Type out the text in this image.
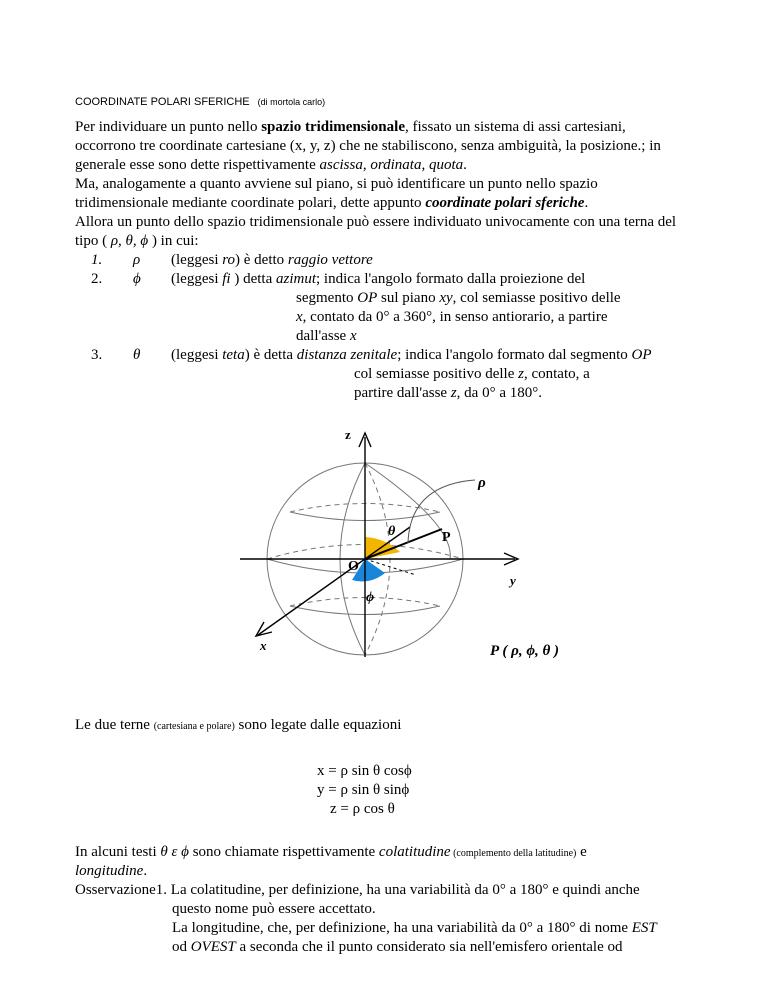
COORDINATE POLARI SFERICHE (di mortola carlo)
Per individuare un punto nello spazio tridimensionale, fissato un sistema di assi cartesiani,
occorrono tre coordinate cartesiane (x, y, z) che ne stabiliscono, senza ambiguità, la posizione.; in
generale esse sono dette rispettivamente ascissa, ordinata, quota.
Ma, analogamente a quanto avviene sul piano, si può identificare un punto nello spazio
tridimensionale mediante coordinate polari, dette appunto coordinate polari sferiche.
Allora un punto dello spazio tridimensionale può essere individuato univocamente con una terna del
tipo ( ρ, θ, ϕ ) in cui:
1. ρ (leggesi ro) è detto raggio vettore
2. ϕ (leggesi fi ) detta azimut; indica l'angolo formato dalla proiezione del
segmento OP sul piano xy, col semiasse positivo delle
x, contato da 0° a 360°, in senso antiorario, a partire
dall'asse x
3. θ (leggesi teta) è detta distanza zenitale; indica l'angolo formato dal segmento OP
col semiasse positivo delle z, contato, a
partire dall'asse z, da 0° a 180°.
z
y
x
O
P
ρ
θ
ϕ
P ( ρ, ϕ, θ )
Le due terne (cartesiana e polare) sono legate dalle equazioni
x = ρ sin θ cosϕ
y = ρ sin θ sinϕ
z = ρ cos θ
In alcuni testi θ ε ϕ sono chiamate rispettivamente colatitudine (complemento della latitudine) e
longitudine.
Osservazione1. La colatitudine, per definizione, ha una variabilità da 0° a 180° e quindi anche
questo nome può essere accettato.
La longitudine, che, per definizione, ha una variabilità da 0° a 180° di nome EST
od OVEST a seconda che il punto considerato sia nell'emisfero orientale od
